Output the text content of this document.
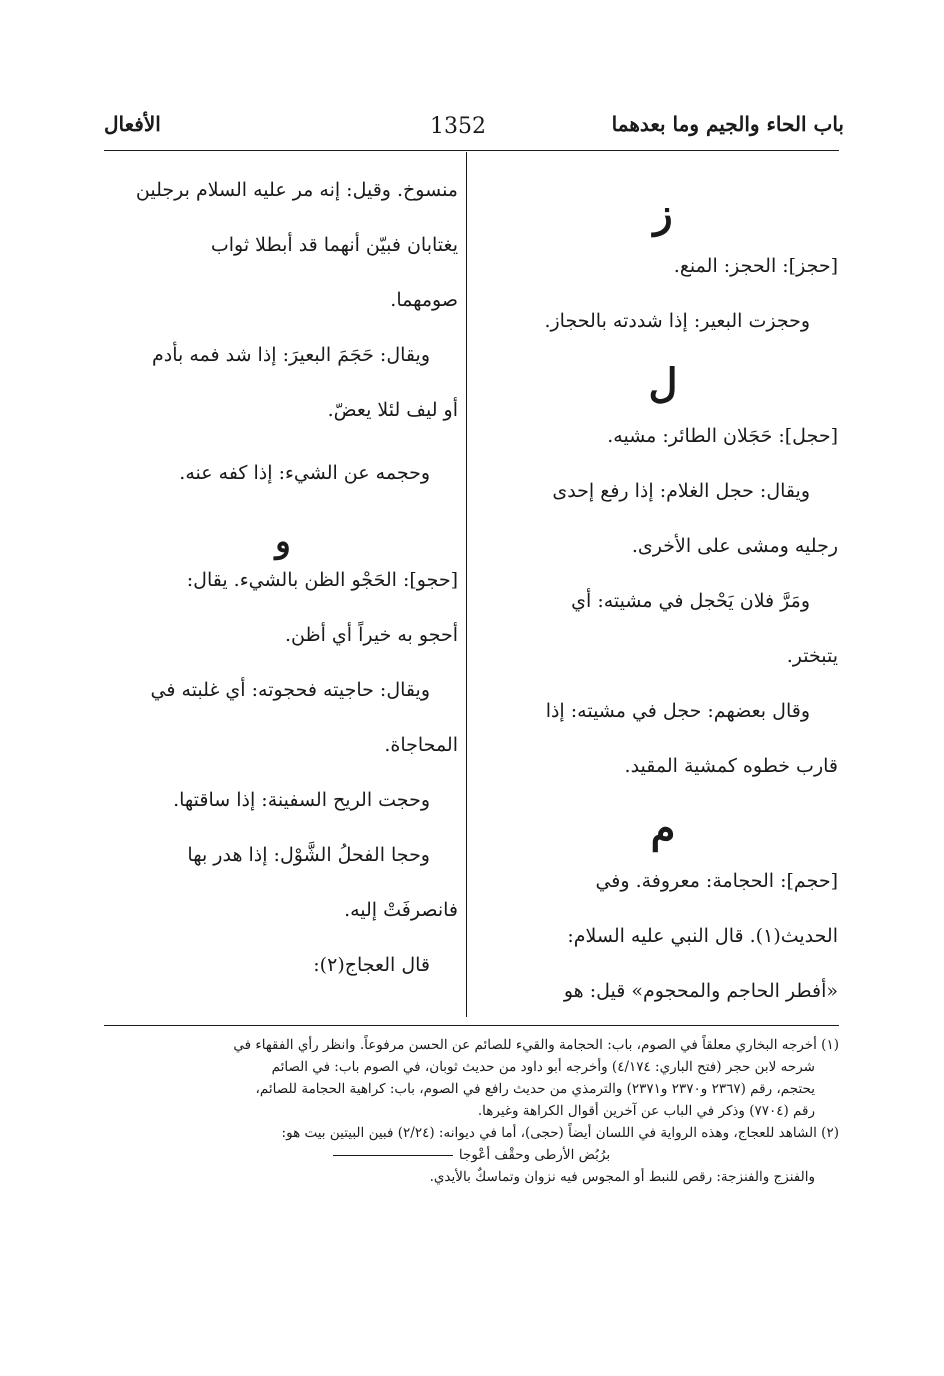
باب الحاء والجيم وما بعدهما
1352
الأفعال
ز

[حجز]: الحجز: المنع.

وحجزت البعير: إذا شددته بالحجاز.

ل

[حجل]: حَجَلان الطائر: مشيه.

ويقال: حجل الغلام: إذا رفع إحدى

رجليه ومشى على الأخرى.

ومَرَّ فلان يَحْجل في مشيته: أي

يتبختر.

وقال بعضهم: حجل في مشيته: إذا

قارب خطوه كمشية المقيد.

م

[حجم]: الحجامة: معروفة. وفي

الحديث(١). قال النبي عليه السلام:

«أفطر الحاجم والمحجوم» قيل: هو

منسوخ. وقيل: إنه مر عليه السلام برجلين

يغتابان فبيّن أنهما قد أبطلا ثواب

صومهما.

ويقال: حَجَمَ البعيرَ: إذا شد فمه بأدم

أو ليف لئلا يعضّ.

وحجمه عن الشيء: إذا كفه عنه.

و

[حجو]: الحَجْو الظن بالشيء. يقال:

أحجو به خيراً أي أظن.

ويقال: حاجيته فحجوته: أي غلبته في

المحاجاة.

وحجت الريح السفينة: إذا ساقتها.

وحجا الفحلُ الشَّوْل: إذا هدر بها

فانصرفَتْ إليه.

قال العجاج(٢):

(١) أخرجه البخاري معلقاً في الصوم، باب: الحجامة والقيء للصائم عن الحسن مرفوعاً. وانظر رأي الفقهاء في

شرحه لابن حجر (فتح الباري: ٤/١٧٤) وأخرجه أبو داود من حديث ثوبان، في الصوم باب: في الصائم

يحتجم، رقم (٢٣٦٧ و٢٣٧٠ و٢٣٧١) والترمذي من حديث رافع في الصوم، باب: كراهية الحجامة للصائم،

رقم (٧٧٠٤) وذكر في الباب عن آخرين أقوال الكراهة وغيرها.

(٢) الشاهد للعجاج، وهذه الرواية في اللسان أيضاً (حجى)، أما في ديوانه: (٢/٢٤) فبين البيتين بيت هو:

برُبُض الأرطى وحقْف أعْوجا

والفنزج والفنزجة: رقص للنبط أو المجوس فيه نزوان وتماسكٌ بالأيدي.
